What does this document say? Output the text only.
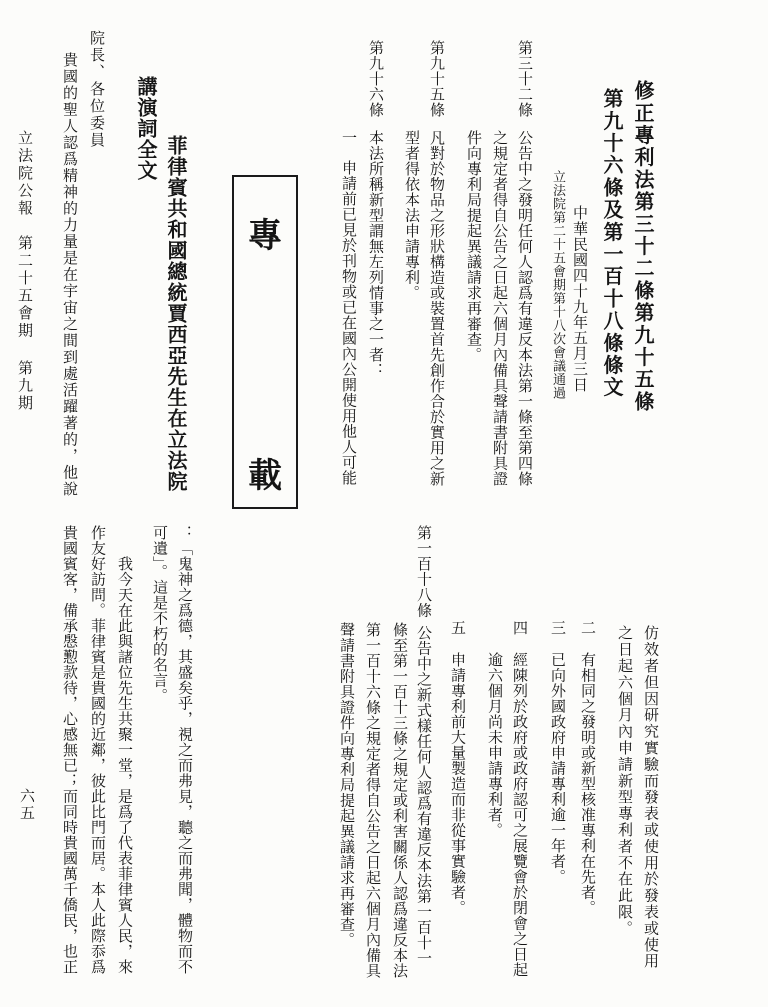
修正專利法第三十二條第九十五條
第九十六條及第一百十八條條文
中華民國四十九年五月三日
立法院第二十五會期第十八次會議通過
第三十二條
公告中之發明任何人認爲有違反本法第一條至第四條
之規定者得自公告之日起六個月內備具聲請書附具證
件向專利局提起異議請求再審查。
第九十五條
凡對於物品之形狀構造或裝置首先創作合於實用之新
型者得依本法申請專利。
第九十六條
本法所稱新型謂無左列情事之一者：
一
申請前已見於刊物或已在國內公開使用他人可能
專
載
菲律賓共和國總統賈西亞先生在立法院
講演詞全文
院長、各位委員
貴國的聖人認爲精神的力量是在宇宙之間到處活躍著的，他說
立法院公報
第二十五會期
第九期
六五	仿效者但因研究實驗而發表或使用於發表或使用
之日起六個月內申請新型專利者不在此限。
二
有相同之發明或新型核准專利在先者。
三
已向外國政府申請專利逾一年者。
四
經陳列於政府或政府認可之展覽會於閉會之日起
逾六個月尚未申請專利者。
五
申請專利前大量製造而非從事實驗者。
第一百十八條
公告中之新式樣任何人認爲有違反本法第一百十一
條至第一百十三條之規定或利害關係人認爲違反本法
第一百十六條之規定者得自公告之日起六個月內備具
聲請書附具證件向專利局提起異議請求再審查。
：「鬼神之爲德，其盛矣乎，視之而弗見，聽之而弗聞，體物而不
可遺」。這是不朽的名言。
我今天在此與諸位先生共聚一堂，是爲了代表菲律賓人民，來
作友好訪問。菲律賓是貴國的近鄰，彼此比門而居。本人此際忝爲
貴國賓客，備承慇懃款待，心感無已；而同時貴國萬千僑民，也正
